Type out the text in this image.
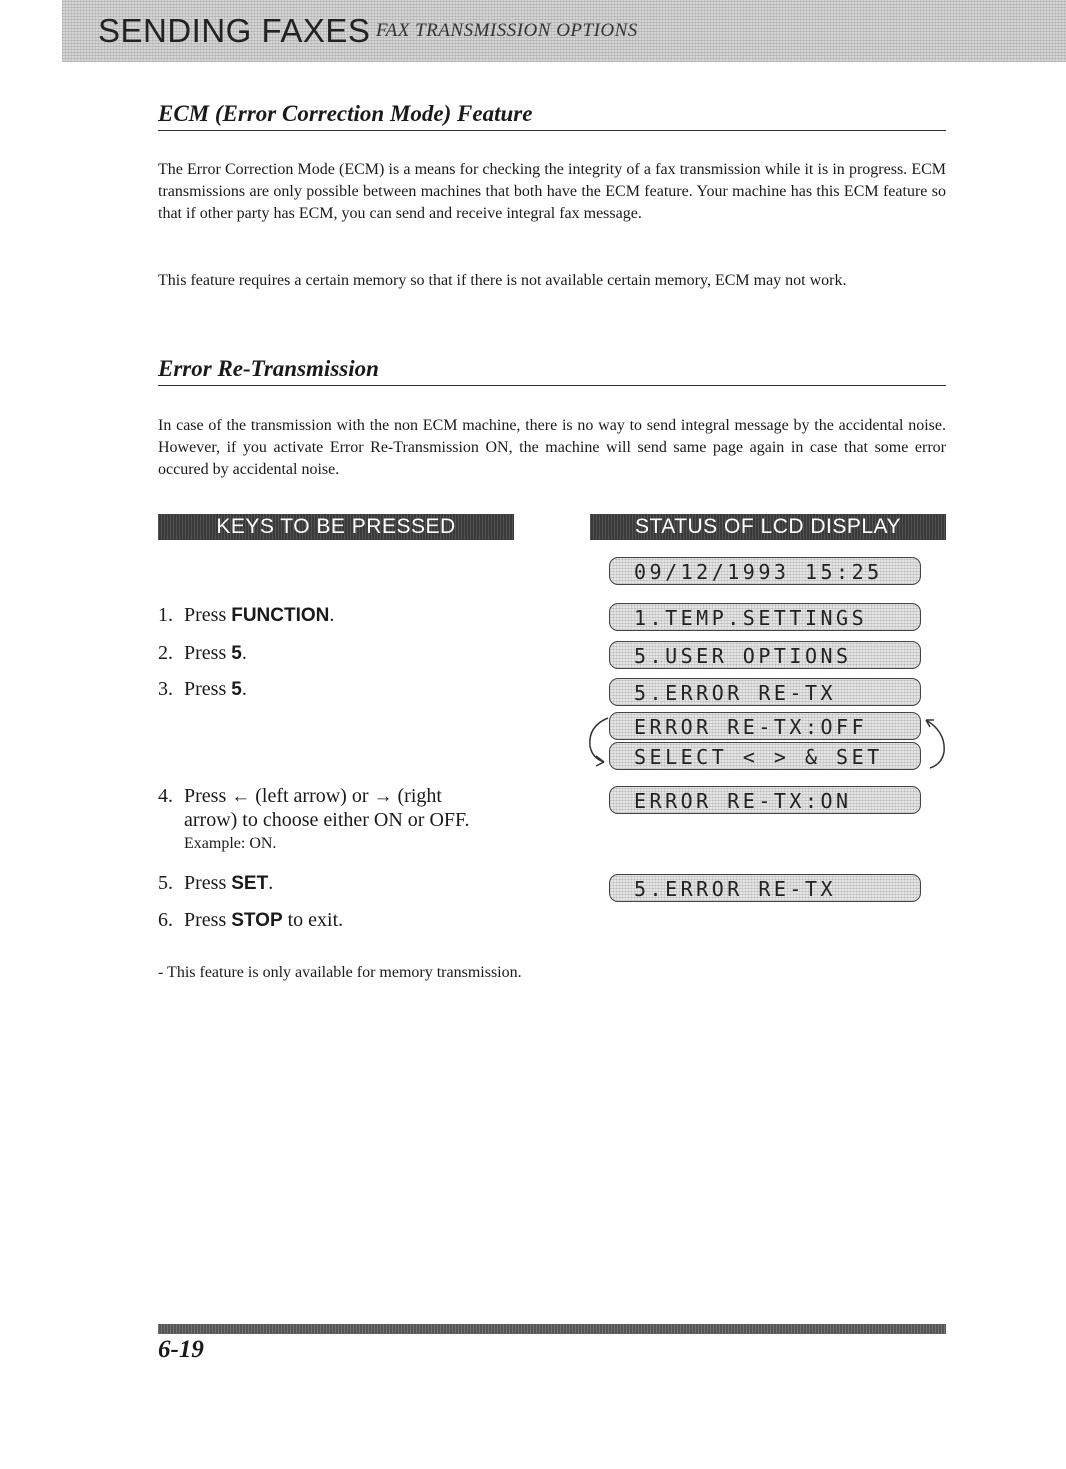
SENDING FAXES FAX TRANSMISSION OPTIONS
ECM (Error Correction Mode) Feature

The Error Correction Mode (ECM) is a means for checking the integrity of a fax transmission while it is in progress. ECM transmissions are only possible between machines that both have the ECM feature. Your machine has this ECM feature so that if other party has ECM, you can send and receive integral fax message.

This feature requires a certain memory so that if there is not available certain memory, ECM may not work.

Error Re-Transmission

In case of the transmission with the non ECM machine, there is no way to send integral message by the accidental noise. However, if you activate Error Re-Transmission ON, the machine will send same page again in case that some error occured by accidental noise.

KEYS TO BE PRESSED	STATUS OF LCD DISPLAY
1. Press FUNCTION.
2. Press 5.
3. Press 5.
4. Press ← (left arrow) or → (right
arrow) to choose either ON or OFF.
Example: ON.
5. Press SET.
6. Press STOP to exit.
09/12/1993 15:25
1.TEMP.SETTINGS
5.USER OPTIONS
5.ERROR RE-TX
ERROR RE-TX:OFF
SELECT < > & SET
ERROR RE-TX:ON
5.ERROR RE-TX
- This feature is only available for memory transmission.
6-19
